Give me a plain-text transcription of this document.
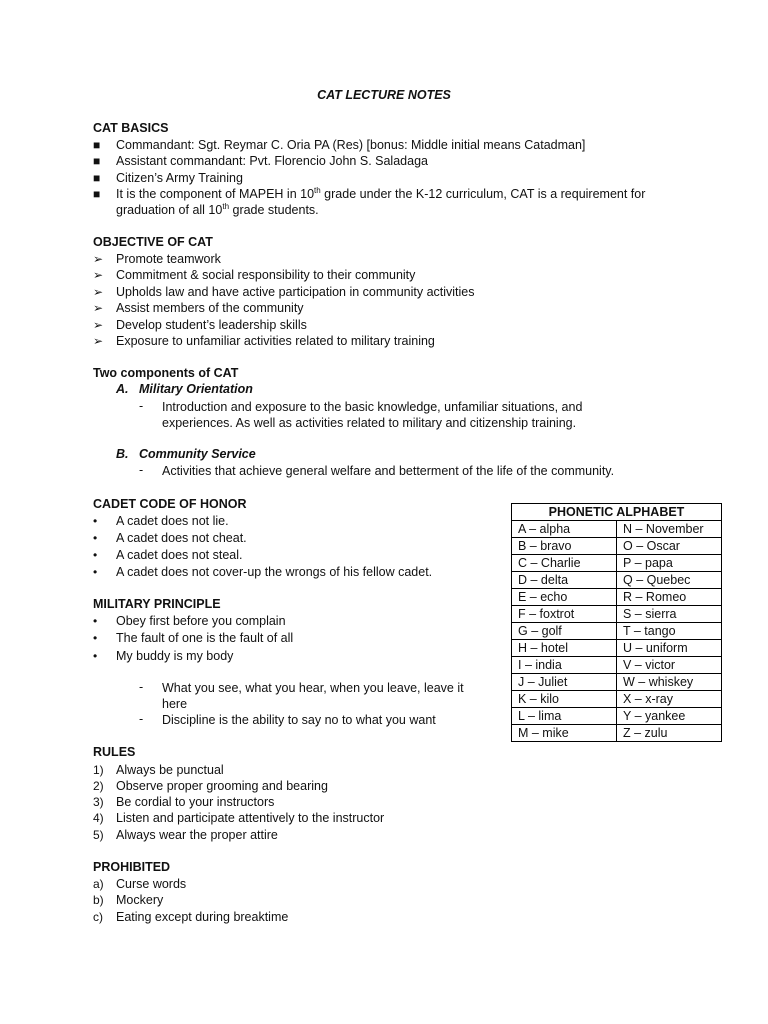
CAT LECTURE NOTES
CAT BASICS
■ Commandant: Sgt. Reymar C. Oria PA (Res) [bonus: Middle initial means Catadman]
■ Assistant commandant: Pvt. Florencio John S. Saladaga
■ Citizen’s Army Training
■ It is the component of MAPEH in 10th grade under the K-12 curriculum, CAT is a requirement for
graduation of all 10th grade students.
OBJECTIVE OF CAT
➢ Promote teamwork
➢ Commitment & social responsibility to their community
➢ Upholds law and have active participation in community activities
➢ Assist members of the community
➢ Develop student’s leadership skills
➢ Exposure to unfamiliar activities related to military training
Two components of CAT
A. Military Orientation
- Introduction and exposure to the basic knowledge, unfamiliar situations, and
experiences. As well as activities related to military and citizenship training.
B. Community Service
- Activities that achieve general welfare and betterment of the life of the community.
CADET CODE OF HONOR
• A cadet does not lie.
• A cadet does not cheat.
• A cadet does not steal.
• A cadet does not cover-up the wrongs of his fellow cadet.
MILITARY PRINCIPLE
• Obey first before you complain
• The fault of one is the fault of all
• My buddy is my body
- What you see, what you hear, when you leave, leave it
here
- Discipline is the ability to say no to what you want
RULES
1) Always be punctual
2) Observe proper grooming and bearing
3) Be cordial to your instructors
4) Listen and participate attentively to the instructor
5) Always wear the proper attire
PROHIBITED
a) Curse words
b) Mockery
c) Eating except during breaktime
PHONETIC ALPHABET	
A – alpha	N – November
B – bravo	O – Oscar
C – Charlie	P – papa
D – delta	Q – Quebec
E – echo	R – Romeo
F – foxtrot	S – sierra
G – golf	T – tango
H – hotel	U – uniform
I – india	V – victor
J – Juliet	W – whiskey
K – kilo	X – x-ray
L – lima	Y – yankee
M – mike	Z – zulu
